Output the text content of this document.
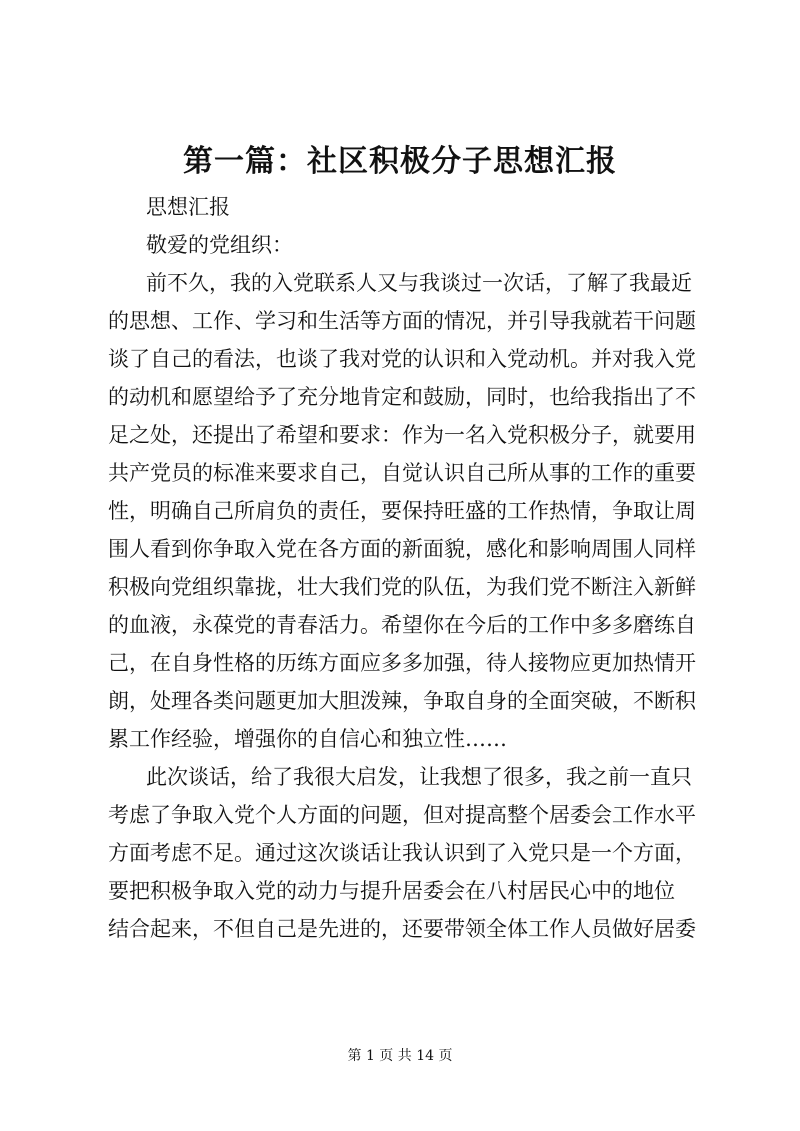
第一篇：社区积极分子思想汇报
思想汇报
敬爱的党组织：
前不久，我的入党联系人又与我谈过一次话，了解了我最近
的思想、工作、学习和生活等方面的情况，并引导我就若干问题
谈了自己的看法，也谈了我对党的认识和入党动机。并对我入党
的动机和愿望给予了充分地肯定和鼓励，同时，也给我指出了不
足之处，还提出了希望和要求：作为一名入党积极分子，就要用
共产党员的标准来要求自己，自觉认识自己所从事的工作的重要
性，明确自己所肩负的责任，要保持旺盛的工作热情，争取让周
围人看到你争取入党在各方面的新面貌，感化和影响周围人同样
积极向党组织靠拢，壮大我们党的队伍，为我们党不断注入新鲜
的血液，永葆党的青春活力。希望你在今后的工作中多多磨练自
己，在自身性格的历练方面应多多加强，待人接物应更加热情开
朗，处理各类问题更加大胆泼辣，争取自身的全面突破，不断积
累工作经验，增强你的自信心和独立性……
此次谈话，给了我很大启发，让我想了很多，我之前一直只
考虑了争取入党个人方面的问题，但对提高整个居委会工作水平
方面考虑不足。通过这次谈话让我认识到了入党只是一个方面，
要把积极争取入党的动力与提升居委会在八村居民心中的地位
结合起来，不但自己是先进的，还要带领全体工作人员做好居委
第 1 页 共 14 页
